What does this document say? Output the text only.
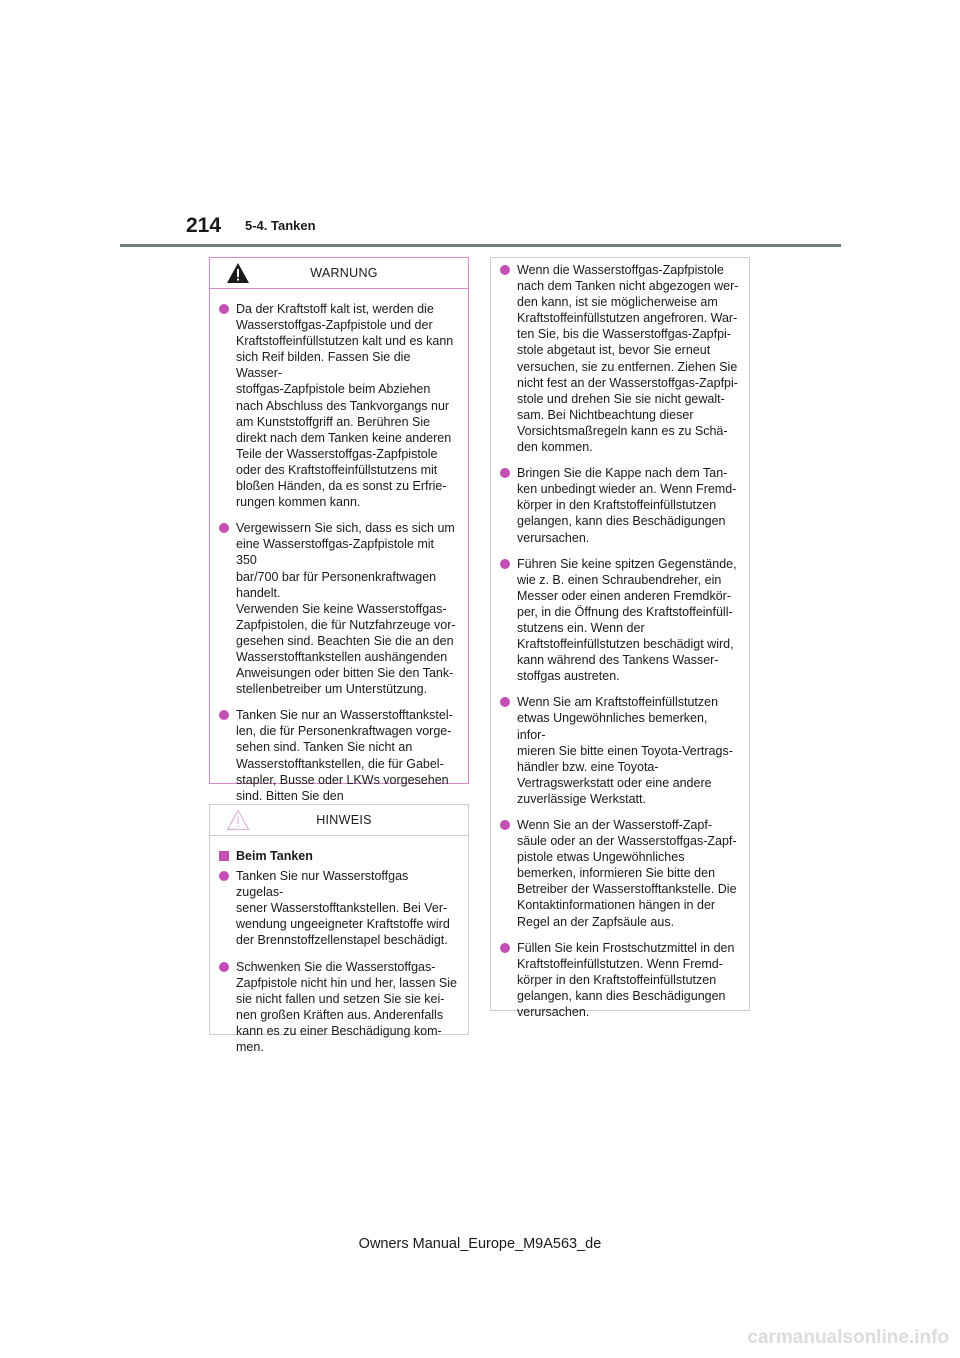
214 5-4. Tanken
WARNUNG
Da der Kraftstoff kalt ist, werden die
Wasserstoffgas-Zapfpistole und der
Kraftstoffeinfüllstutzen kalt und es kann
sich Reif bilden. Fassen Sie die Wasser-
stoffgas-Zapfpistole beim Abziehen
nach Abschluss des Tankvorgangs nur
am Kunststoffgriff an. Berühren Sie
direkt nach dem Tanken keine anderen
Teile der Wasserstoffgas-Zapfpistole
oder des Kraftstoffeinfüllstutzens mit
bloßen Händen, da es sonst zu Erfrie-
rungen kommen kann.
Vergewissern Sie sich, dass es sich um
eine Wasserstoffgas-Zapfpistole mit 350
bar/700 bar für Personenkraftwagen
handelt.
Verwenden Sie keine Wasserstoffgas-
Zapfpistolen, die für Nutzfahrzeuge vor-
gesehen sind. Beachten Sie die an den
Wasserstofftankstellen aushängenden
Anweisungen oder bitten Sie den Tank-
stellenbetreiber um Unterstützung.
Tanken Sie nur an Wasserstofftankstel-
len, die für Personenkraftwagen vorge-
sehen sind. Tanken Sie nicht an
Wasserstofftankstellen, die für Gabel-
stapler, Busse oder LKWs vorgesehen
sind. Bitten Sie den

HINWEIS
Beim Tanken
Tanken Sie nur Wasserstoffgas zugelas-
sener Wasserstofftankstellen. Bei Ver-
wendung ungeeigneter Kraftstoffe wird
der Brennstoffzellenstapel beschädigt.
Schwenken Sie die Wasserstoffgas-
Zapfpistole nicht hin und her, lassen Sie
sie nicht fallen und setzen Sie sie kei-
nen großen Kräften aus. Anderenfalls
kann es zu einer Beschädigung kom-
men.
Wenn die Wasserstoffgas-Zapfpistole
nach dem Tanken nicht abgezogen wer-
den kann, ist sie möglicherweise am
Kraftstoffeinfüllstutzen angefroren. War-
ten Sie, bis die Wasserstoffgas-Zapfpi-
stole abgetaut ist, bevor Sie erneut
versuchen, sie zu entfernen. Ziehen Sie
nicht fest an der Wasserstoffgas-Zapfpi-
stole und drehen Sie sie nicht gewalt-
sam. Bei Nichtbeachtung dieser
Vorsichtsmaßregeln kann es zu Schä-
den kommen.
Bringen Sie die Kappe nach dem Tan-
ken unbedingt wieder an. Wenn Fremd-
körper in den Kraftstoffeinfüllstutzen
gelangen, kann dies Beschädigungen
verursachen.
Führen Sie keine spitzen Gegenstände,
wie z. B. einen Schraubendreher, ein
Messer oder einen anderen Fremdkör-
per, in die Öffnung des Kraftstoffeinfüll-
stutzens ein. Wenn der
Kraftstoffeinfüllstutzen beschädigt wird,
kann während des Tankens Wasser-
stoffgas austreten.
Wenn Sie am Kraftstoffeinfüllstutzen
etwas Ungewöhnliches bemerken, infor-
mieren Sie bitte einen Toyota-Vertrags-
händler bzw. eine Toyota-
Vertragswerkstatt oder eine andere
zuverlässige Werkstatt.
Wenn Sie an der Wasserstoff-Zapf-
säule oder an der Wasserstoffgas-Zapf-
pistole etwas Ungewöhnliches
bemerken, informieren Sie bitte den
Betreiber der Wasserstofftankstelle. Die
Kontaktinformationen hängen in der
Regel an der Zapfsäule aus.
Füllen Sie kein Frostschutzmittel in den
Kraftstoffeinfüllstutzen. Wenn Fremd-
körper in den Kraftstoffeinfüllstutzen
gelangen, kann dies Beschädigungen
verursachen.
Owners Manual_Europe_M9A563_de
carmanualsonline.info
